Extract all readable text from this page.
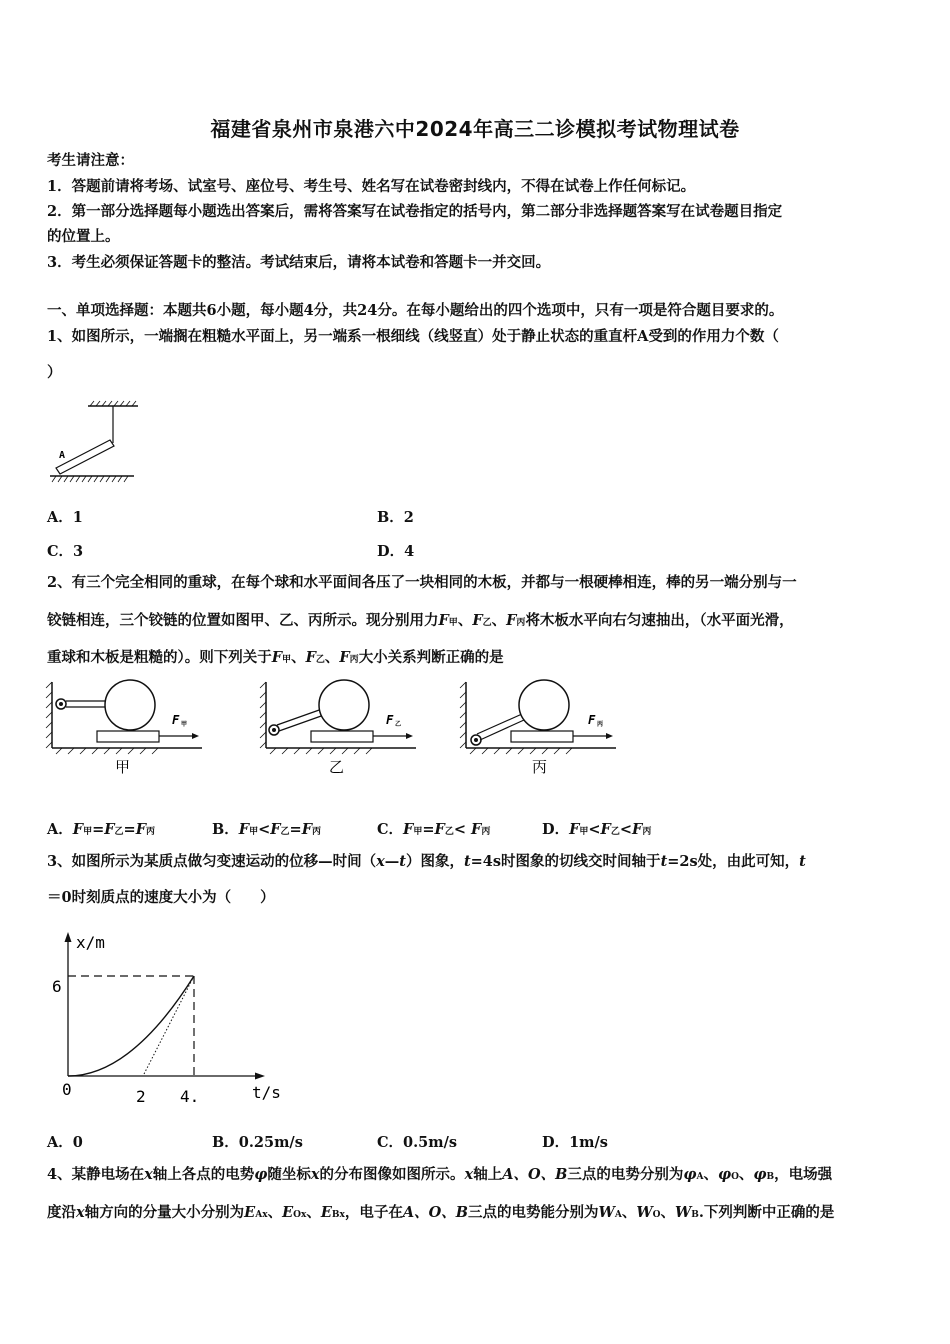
福建省泉州市泉港六中2024年高三二诊模拟考试物理试卷
考生请注意：
1．答题前请将考场、试室号、座位号、考生号、姓名写在试卷密封线内，不得在试卷上作任何标记。
2．第一部分选择题每小题选出答案后，需将答案写在试卷指定的括号内，第二部分非选择题答案写在试卷题目指定
的位置上。
3．考生必须保证答题卡的整洁。考试结束后，请将本试卷和答题卡一并交回。
一、单项选择题：本题共6小题，每小题4分，共24分。在每小题给出的四个选项中，只有一项是符合题目要求的。
1、如图所示，一端搁在粗糙水平面上，另一端系一根细线（线竖直）处于静止状态的重直杆A受到的作用力个数（
）
A
A．1	B．2
C．3	D．4
2、有三个完全相同的重球，在每个球和水平面间各压了一块相同的木板，并都与一根硬棒相连，棒的另一端分别与一
铰链相连，三个铰链的位置如图甲、乙、丙所示。现分别用力F甲、F乙、F丙将木板水平向右匀速抽出，（水平面光滑，
重球和木板是粗糙的）。则下列关于F甲、F乙、F丙大小关系判断正确的是
F 甲
甲
F 乙
乙
F 丙
丙
A．F甲=F乙=F丙	B．F甲<F乙=F丙	C．F甲=F乙< F丙	D．F甲<F乙<F丙
3、如图所示为某质点做匀变速运动的位移—时间（x—t）图象，t=4s时图象的切线交时间轴于t=2s处，由此可知，t
＝0时刻质点的速度大小为（　　）
x/m
6
0	2 4.	t/s
A．0	B．0.25m/s	C．0.5m/s	D．1m/s
4、某静电场在x轴上各点的电势φ随坐标x的分布图像如图所示。x轴上A、O、B三点的电势分别为φA、φO、φB，电场强
度沿x轴方向的分量大小分别为EAx、EOx、EBx，电子在A、O、B三点的电势能分别为WA、WO、WB.下列判断中正确的是
